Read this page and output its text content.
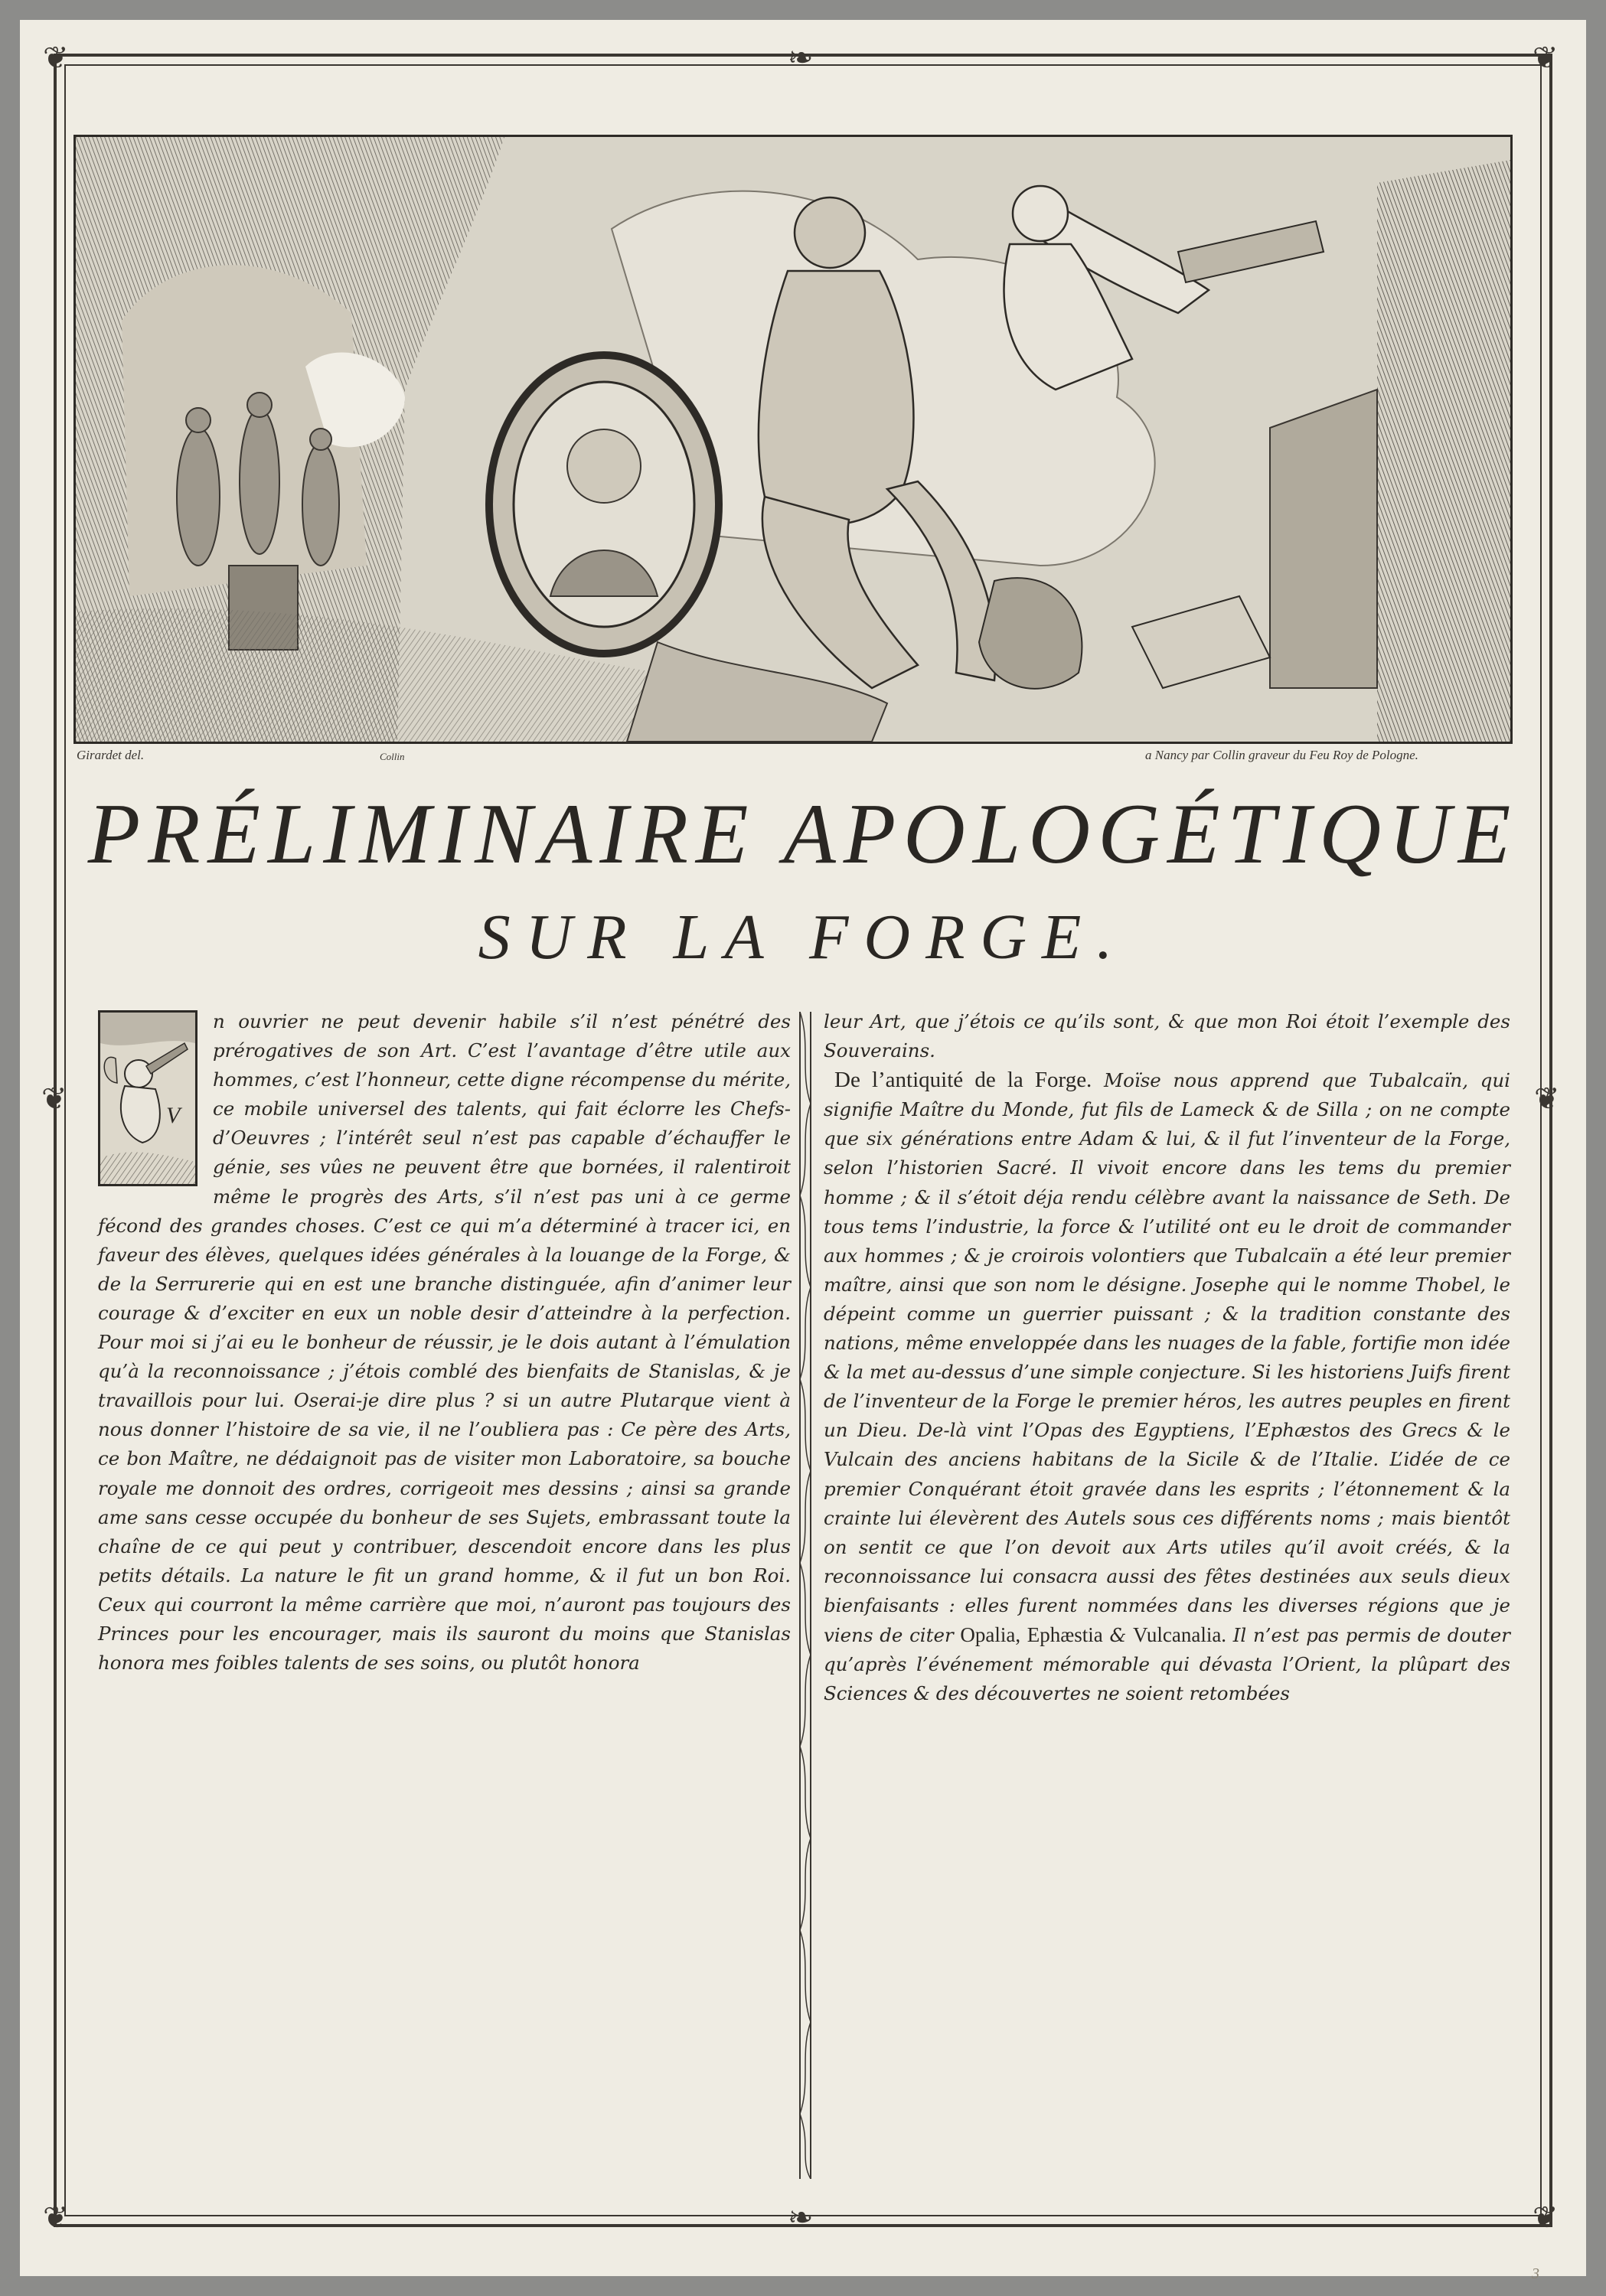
❦	❦
❦	❦
❧
❧
❦	❦
Girardet del.	Collin	a Nancy par Collin graveur du Feu Roy de Pologne.
PRÉLIMINAIRE APOLOGÉTIQUE
SUR LA FORGE.
V

n ouvrier ne peut devenir habile s’il n’est pénétré des prérogatives de son Art. C’est l’avantage d’être utile aux hommes, c’est l’honneur, cette digne récompense du mérite, ce mobile universel des talents, qui fait éclorre les Chefs-d’Oeuvres ; l’intérêt seul n’est pas capable d’échauffer le génie, ses vûes ne peuvent être que bornées, il ralentiroit même le progrès des Arts, s’il n’est pas uni à ce germe fécond des grandes choses. C’est ce qui m’a déterminé à tracer ici, en faveur des élèves, quelques idées générales à la louange de la Forge, & de la Serrurerie qui en est une branche distinguée, afin d’animer leur courage & d’exciter en eux un noble desir d’atteindre à la perfection. Pour moi si j’ai eu le bonheur de réussir, je le dois autant à l’émulation qu’à la reconnoissance ; j’étois comblé des bienfaits de Stanislas, & je travaillois pour lui. Oserai-je dire plus ? si un autre Plutarque vient à nous donner l’histoire de sa vie, il ne l’oubliera pas : Ce père des Arts, ce bon Maître, ne dédaignoit pas de visiter mon Laboratoire, sa bouche royale me donnoit des ordres, corrigeoit mes dessins ; ainsi sa grande ame sans cesse occupée du bonheur de ses Sujets, embrassant toute la chaîne de ce qui peut y contribuer, descendoit encore dans les plus petits détails. La nature le fit un grand homme, & il fut un bon Roi. Ceux qui courront la même carrière que moi, n’auront pas toujours des Princes pour les encourager, mais ils sauront du moins que Stanislas honora mes foibles talents de ses soins, ou plutôt honora

leur Art, que j’étois ce qu’ils sont, & que mon Roi étoit l’exemple des Souverains.

De l’antiquité de la Forge. Moïse nous apprend que Tubalcaïn, qui signifie Maître du Monde, fut fils de Lameck & de Silla ; on ne compte que six générations entre Adam & lui, & il fut l’inventeur de la Forge, selon l’historien Sacré. Il vivoit encore dans les tems du premier homme ; & il s’étoit déja rendu célèbre avant la naissance de Seth. De tous tems l’industrie, la force & l’utilité ont eu le droit de commander aux hommes ; & je croirois volontiers que Tubalcaïn a été leur premier maître, ainsi que son nom le désigne. Josephe qui le nomme Thobel, le dépeint comme un guerrier puissant ; & la tradition constante des nations, même enveloppée dans les nuages de la fable, fortifie mon idée & la met au-dessus d’une simple conjecture. Si les historiens Juifs firent de l’inventeur de la Forge le premier héros, les autres peuples en firent un Dieu. De-là vint l’Opas des Egyptiens, l’Ephæstos des Grecs & le Vulcain des anciens habitans de la Sicile & de l’Italie. L’idée de ce premier Conquérant étoit gravée dans les esprits ; l’étonnement & la crainte lui élevèrent des Autels sous ces différents noms ; mais bientôt on sentit ce que l’on devoit aux Arts utiles qu’il avoit créés, & la reconnoissance lui consacra aussi des fêtes destinées aux seuls dieux bienfaisants : elles furent nommées dans les diverses régions que je viens de citer Opalia, Ephæstia & Vulcanalia. Il n’est pas permis de douter qu’après l’événement mémorable qui dévasta l’Orient, la plûpart des Sciences & des découvertes ne soient retombées

3
